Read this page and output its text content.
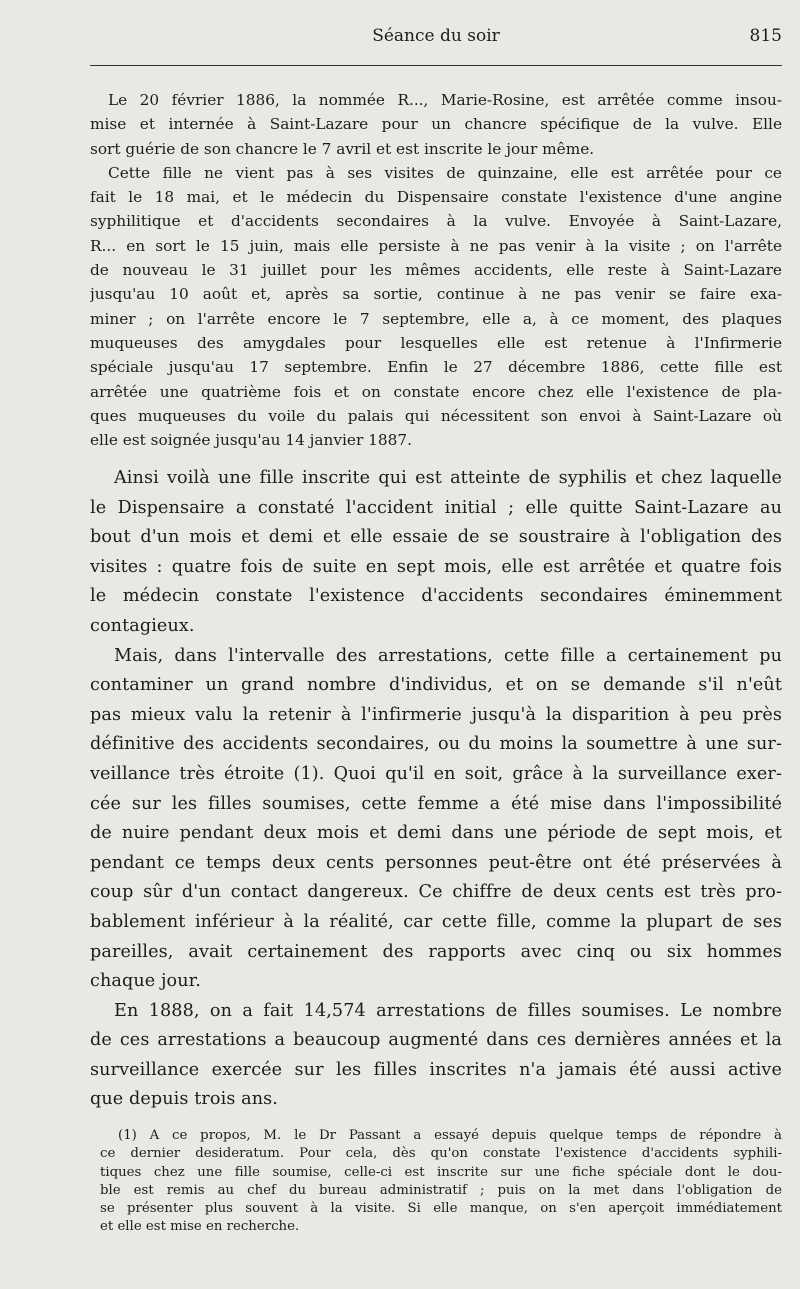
Séance du soir	815
Le 20 février 1886, la nommée R..., Marie-Rosine, est arrêtée comme insou-
mise et internée à Saint-Lazare pour un chancre spécifique de la vulve. Elle
sort guérie de son chancre le 7 avril et est inscrite le jour même.
Cette fille ne vient pas à ses visites de quinzaine, elle est arrêtée pour ce
fait le 18 mai, et le médecin du Dispensaire constate l'existence d'une angine
syphilitique et d'accidents secondaires à la vulve. Envoyée à Saint-Lazare,
R... en sort le 15 juin, mais elle persiste à ne pas venir à la visite ; on l'arrête
de nouveau le 31 juillet pour les mêmes accidents, elle reste à Saint-Lazare
jusqu'au 10 août et, après sa sortie, continue à ne pas venir se faire exa-
miner ; on l'arrête encore le 7 septembre, elle a, à ce moment, des plaques
muqueuses des amygdales pour lesquelles elle est retenue à l'Infirmerie
spéciale jusqu'au 17 septembre. Enfin le 27 décembre 1886, cette fille est
arrêtée une quatrième fois et on constate encore chez elle l'existence de pla-
ques muqueuses du voile du palais qui nécessitent son envoi à Saint-Lazare où
elle est soignée jusqu'au 14 janvier 1887.
Ainsi voilà une fille inscrite qui est atteinte de syphilis et chez laquelle
le Dispensaire a constaté l'accident initial ; elle quitte Saint-Lazare au
bout d'un mois et demi et elle essaie de se soustraire à l'obligation des
visites : quatre fois de suite en sept mois, elle est arrêtée et quatre fois
le médecin constate l'existence d'accidents secondaires éminemment
contagieux.
Mais, dans l'intervalle des arrestations, cette fille a certainement pu
contaminer un grand nombre d'individus, et on se demande s'il n'eût
pas mieux valu la retenir à l'infirmerie jusqu'à la disparition à peu près
définitive des accidents secondaires, ou du moins la soumettre à une sur-
veillance très étroite (1). Quoi qu'il en soit, grâce à la surveillance exer-
cée sur les filles soumises, cette femme a été mise dans l'impossibilité
de nuire pendant deux mois et demi dans une période de sept mois, et
pendant ce temps deux cents personnes peut-être ont été préservées à
coup sûr d'un contact dangereux. Ce chiffre de deux cents est très pro-
bablement inférieur à la réalité, car cette fille, comme la plupart de ses
pareilles, avait certainement des rapports avec cinq ou six hommes
chaque jour.
En 1888, on a fait 14,574 arrestations de filles soumises. Le nombre
de ces arrestations a beaucoup augmenté dans ces dernières années et la
surveillance exercée sur les filles inscrites n'a jamais été aussi active
que depuis trois ans.
(1) A ce propos, M. le Dr Passant a essayé depuis quelque temps de répondre à
ce dernier desideratum. Pour cela, dès qu'on constate l'existence d'accidents syphili-
tiques chez une fille soumise, celle-ci est inscrite sur une fiche spéciale dont le dou-
ble est remis au chef du bureau administratif ; puis on la met dans l'obligation de
se présenter plus souvent à la visite. Si elle manque, on s'en aperçoit immédiatement
et elle est mise en recherche.
